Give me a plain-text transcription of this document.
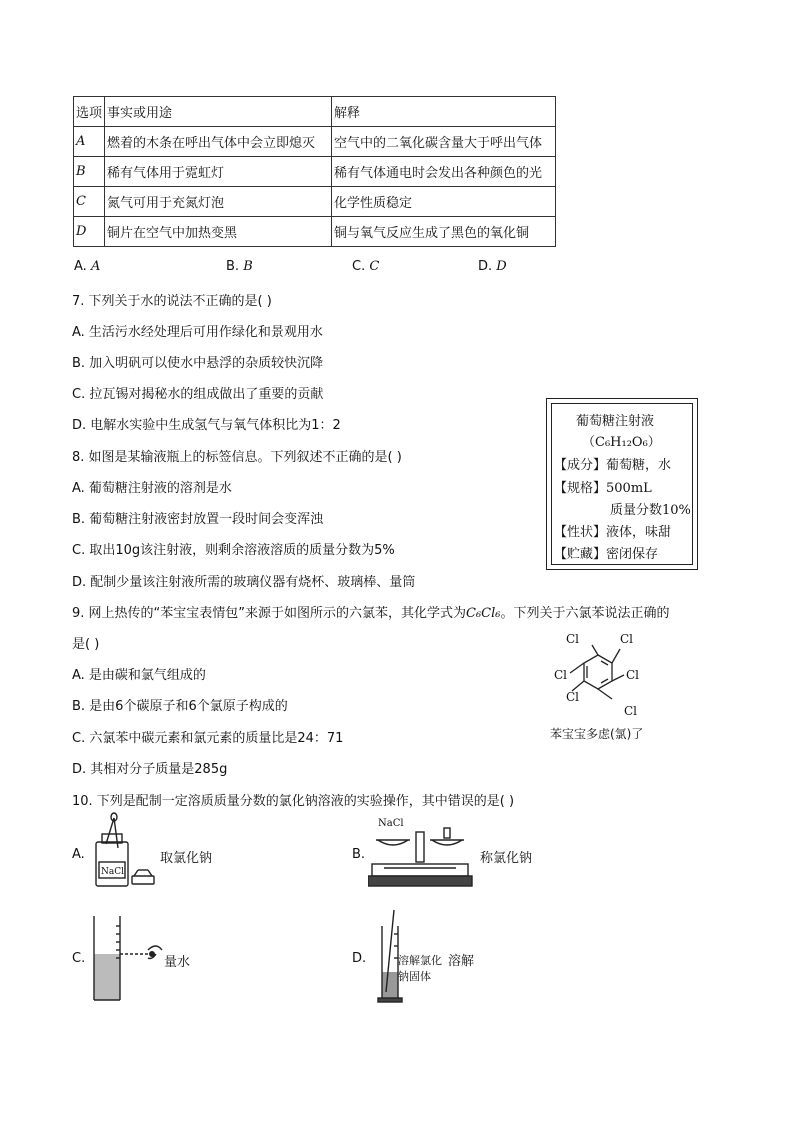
选项	事实或用途	解释
A	燃着的木条在呼出气体中会立即熄灭	空气中的二氧化碳含量大于呼出气体
B	稀有气体用于霓虹灯	稀有气体通电时会发出各种颜色的光
C	氮气可用于充氮灯泡	化学性质稳定
D	铜片在空气中加热变黑	铜与氧气反应生成了黑色的氧化铜
A. A	B. B	C. C	D. D
7. 下列关于水的说法不正确的是( )
A. 生活污水经处理后可用作绿化和景观用水
B. 加入明矾可以使水中悬浮的杂质较快沉降
C. 拉瓦锡对揭秘水的组成做出了重要的贡献
D. 电解水实验中生成氢气与氧气体积比为1：2
8. 如图是某输液瓶上的标签信息。下列叙述不正确的是( )
A. 葡萄糖注射液的溶剂是水
B. 葡萄糖注射液密封放置一段时间会变浑浊
C. 取出10g该注射液，则剩余溶液溶质的质量分数为5%
D. 配制少量该注射液所需的玻璃仪器有烧杯、玻璃棒、量筒
葡萄糖注射液
（C₆H₁₂O₆）
【成分】葡萄糖，水
【规格】500mL
质量分数10%
【性状】液体，味甜
【贮藏】密闭保存
9. 网上热传的“苯宝宝表情包”来源于如图所示的六氯苯，其化学式为C₆Cl₆。下列关于六氯苯说法正确的
是( )
A. 是由碳和氯气组成的
B. 是由6个碳原子和6个氯原子构成的
C. 六氯苯中碳元素和氯元素的质量比是24：71
D. 其相对分子质量是285g
Cl	Cl
Cl	Cl
Cl
Cl
苯宝宝多虑(氯)了
10. 下列是配制一定溶质质量分数的氯化钠溶液的实验操作，其中错误的是( )
A.
NaCl
取氯化钠	B.
NaCl
称氯化钠
C.	量水	D.	溶解氯化
钠固体
溶解
